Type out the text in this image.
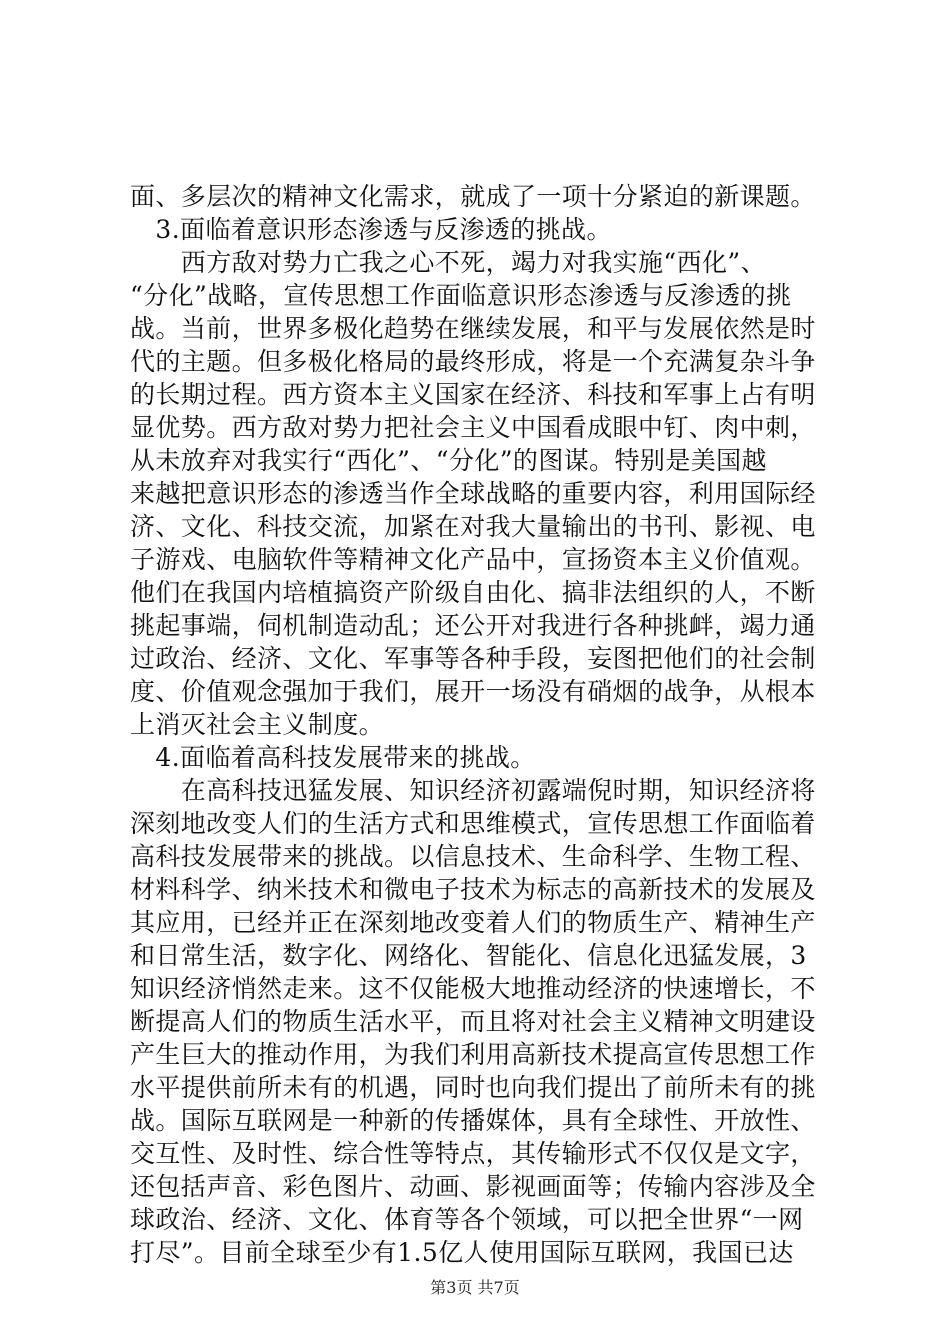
面、多层次的精神文化需求，就成了一项十分紧迫的新课题。
　3.面临着意识形态渗透与反渗透的挑战。
　　西方敌对势力亡我之心不死，竭力对我实施“西化”、
“分化”战略，宣传思想工作面临意识形态渗透与反渗透的挑
战。当前，世界多极化趋势在继续发展，和平与发展依然是时
代的主题。但多极化格局的最终形成，将是一个充满复杂斗争
的长期过程。西方资本主义国家在经济、科技和军事上占有明
显优势。西方敌对势力把社会主义中国看成眼中钉、肉中刺，
从未放弃对我实行“西化”、“分化”的图谋。特别是美国越
来越把意识形态的渗透当作全球战略的重要内容，利用国际经
济、文化、科技交流，加紧在对我大量输出的书刊、影视、电
子游戏、电脑软件等精神文化产品中，宣扬资本主义价值观。
他们在我国内培植搞资产阶级自由化、搞非法组织的人，不断
挑起事端，伺机制造动乱；还公开对我进行各种挑衅，竭力通
过政治、经济、文化、军事等各种手段，妄图把他们的社会制
度、价值观念强加于我们，展开一场没有硝烟的战争，从根本
上消灭社会主义制度。
　4.面临着高科技发展带来的挑战。
　　在高科技迅猛发展、知识经济初露端倪时期，知识经济将
深刻地改变人们的生活方式和思维模式，宣传思想工作面临着
高科技发展带来的挑战。以信息技术、生命科学、生物工程、
材料科学、纳米技术和微电子技术为标志的高新技术的发展及
其应用，已经并正在深刻地改变着人们的物质生产、精神生产
和日常生活，数字化、网络化、智能化、信息化迅猛发展，3
知识经济悄然走来。这不仅能极大地推动经济的快速增长，不
断提高人们的物质生活水平，而且将对社会主义精神文明建设
产生巨大的推动作用，为我们利用高新技术提高宣传思想工作
水平提供前所未有的机遇，同时也向我们提出了前所未有的挑
战。国际互联网是一种新的传播媒体，具有全球性、开放性、
交互性、及时性、综合性等特点，其传输形式不仅仅是文字，
还包括声音、彩色图片、动画、影视画面等；传输内容涉及全
球政治、经济、文化、体育等各个领域，可以把全世界“一网
打尽”。目前全球至少有1.5亿人使用国际互联网，我国已达
第3页 共7页
